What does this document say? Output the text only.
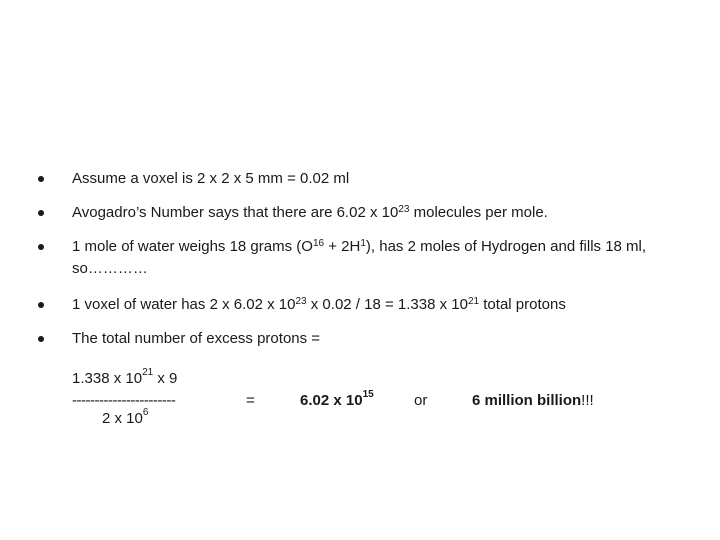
Assume a voxel is 2 x 2 x 5 mm = 0.02 ml
Avogadro’s Number says that there are 6.02 x $10^{23}$ molecules per mole.
1 mole of water weighs 18 grams $(O^{16} + 2H^1)$, has 2 moles of Hydrogen and fills 18 ml, so…………
1 voxel of water has 2 x 6.02 x $10^{23}$ x 0.02 / 18 = 1.338 x $10^{21}$ total protons
The total number of excess protons =
1.338 x $10^{21}$ x 9
-----------------------
2 x $10^6$
=	6.02 x $10^{15}$	or	6 million billion!!!
